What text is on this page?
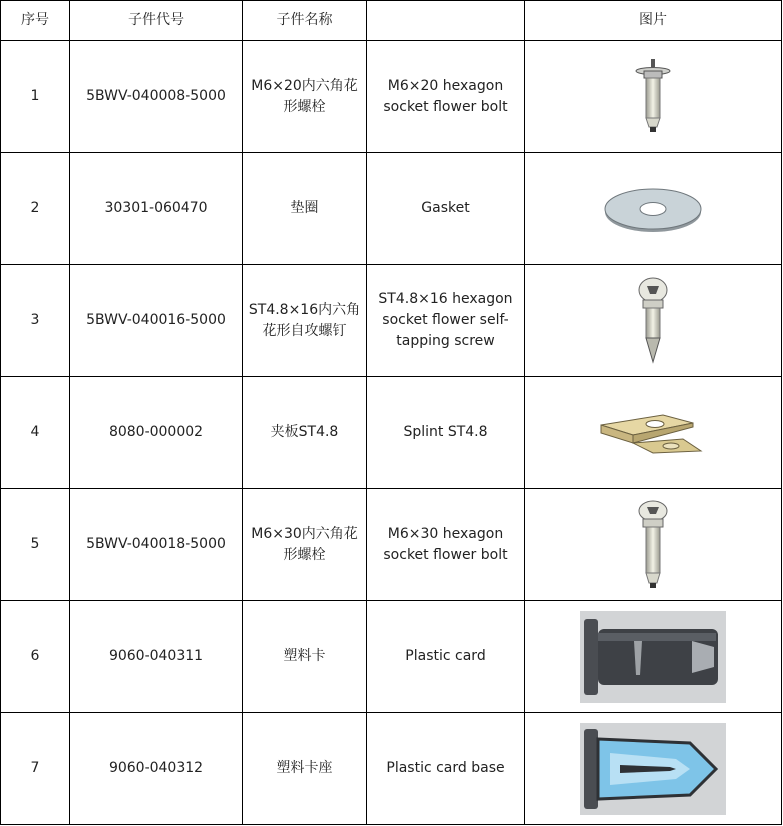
序号	子件代号	子件名称		图片
1	5BWV-040008-5000	M6×20内六角花形螺栓	M6×20 hexagon socket flower bolt	

2	30301-060470	垫圈	Gasket	

3	5BWV-040016-5000	ST4.8×16内六角花形自攻螺钉	ST4.8×16 hexagon socket flower self-tapping screw	

4	8080-000002	夹板ST4.8	Splint ST4.8	

5	5BWV-040018-5000	M6×30内六角花形螺栓	M6×30 hexagon socket flower bolt	

6	9060-040311	塑料卡	Plastic card	

7	9060-040312	塑料卡座	Plastic card base	
